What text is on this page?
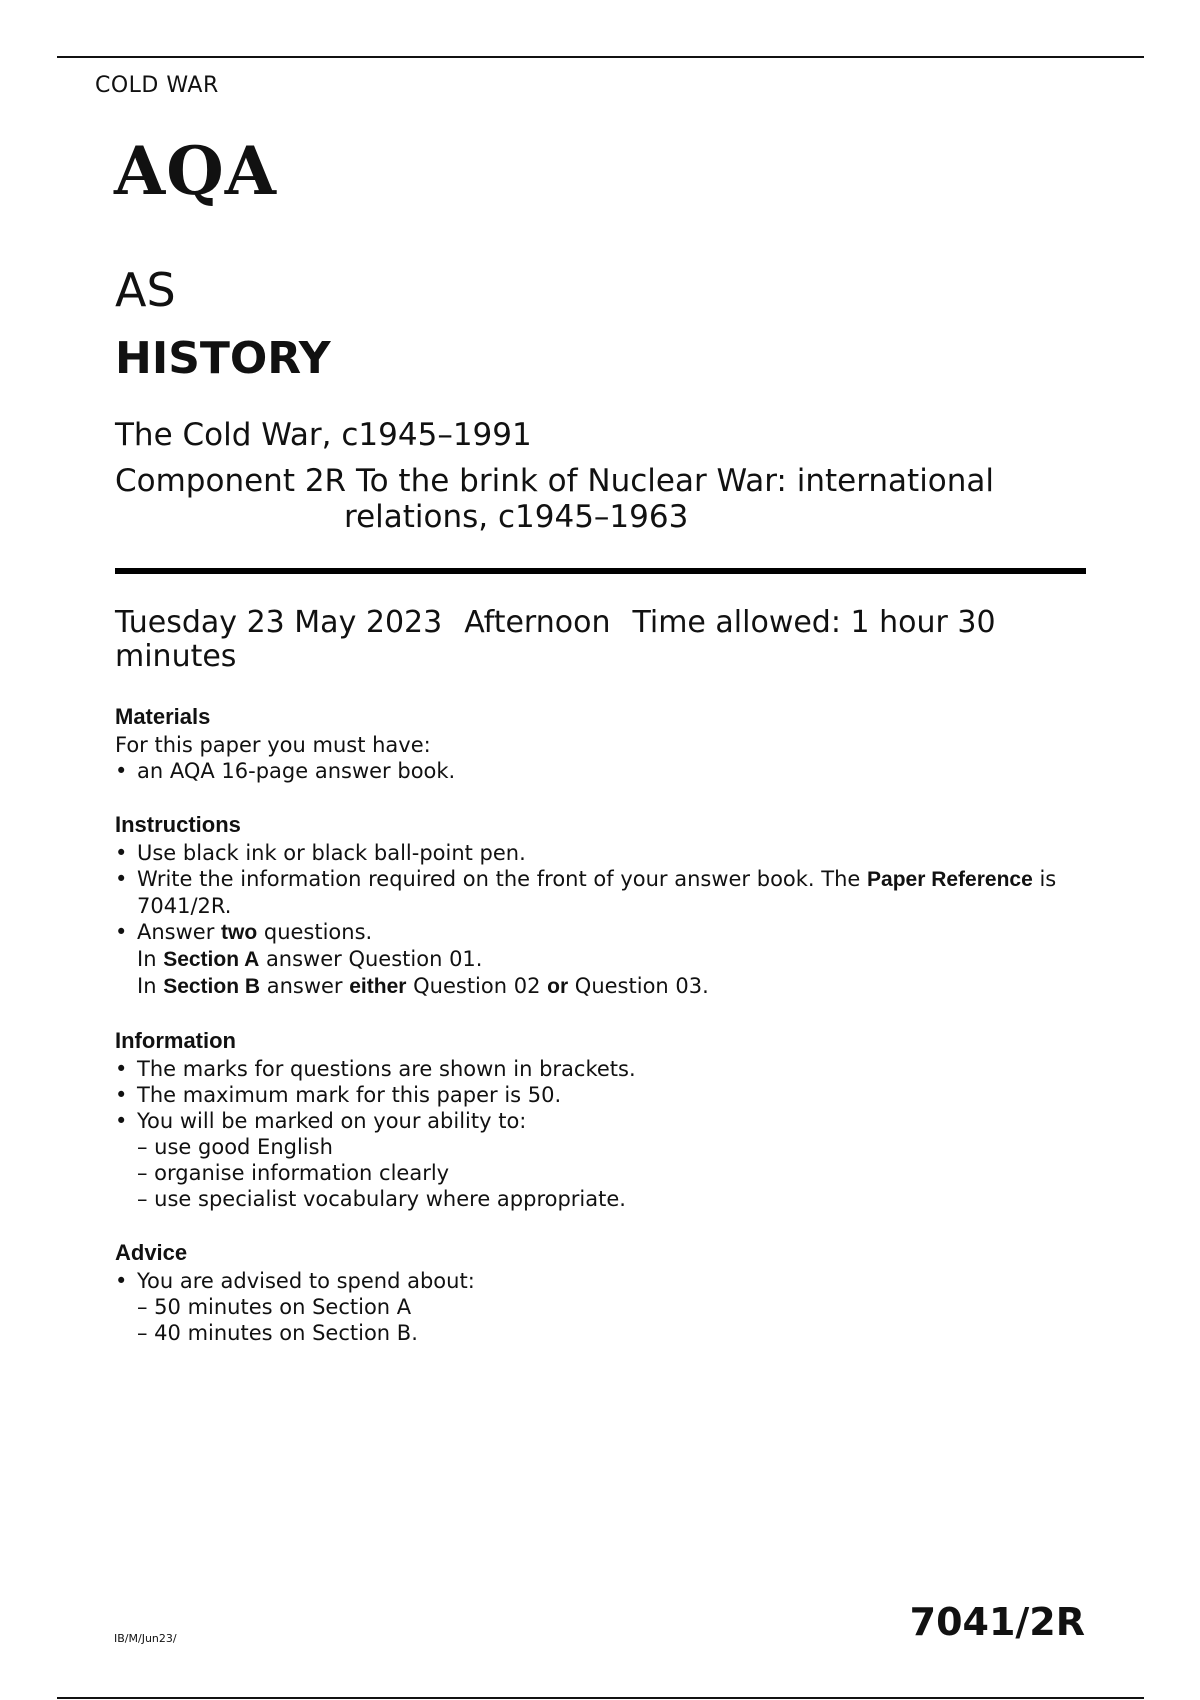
COLD WAR
AQA
AS
HISTORY
The Cold War, c1945–1991
Component 2R To the brink of Nuclear War: international
relations, c1945–1963
Tuesday 23 May 2023 Afternoon Time allowed: 1 hour 30 minutes
Materials

For this paper you must have:

• an AQA 16-page answer book.
Instructions
• Use black ink or black ball-point pen.
• Write the information required on the front of your answer book. The Paper Reference is 7041/2R.
• Answer two questions.
In Section A answer Question 01.
In Section B answer either Question 02 or Question 03.
Information
• The marks for questions are shown in brackets.
• The maximum mark for this paper is 50.
• You will be marked on your ability to:
– use good English
– organise information clearly
– use specialist vocabulary where appropriate.
Advice
• You are advised to spend about:
– 50 minutes on Section A
– 40 minutes on Section B.
IB/M/Jun23/	7041/2R
